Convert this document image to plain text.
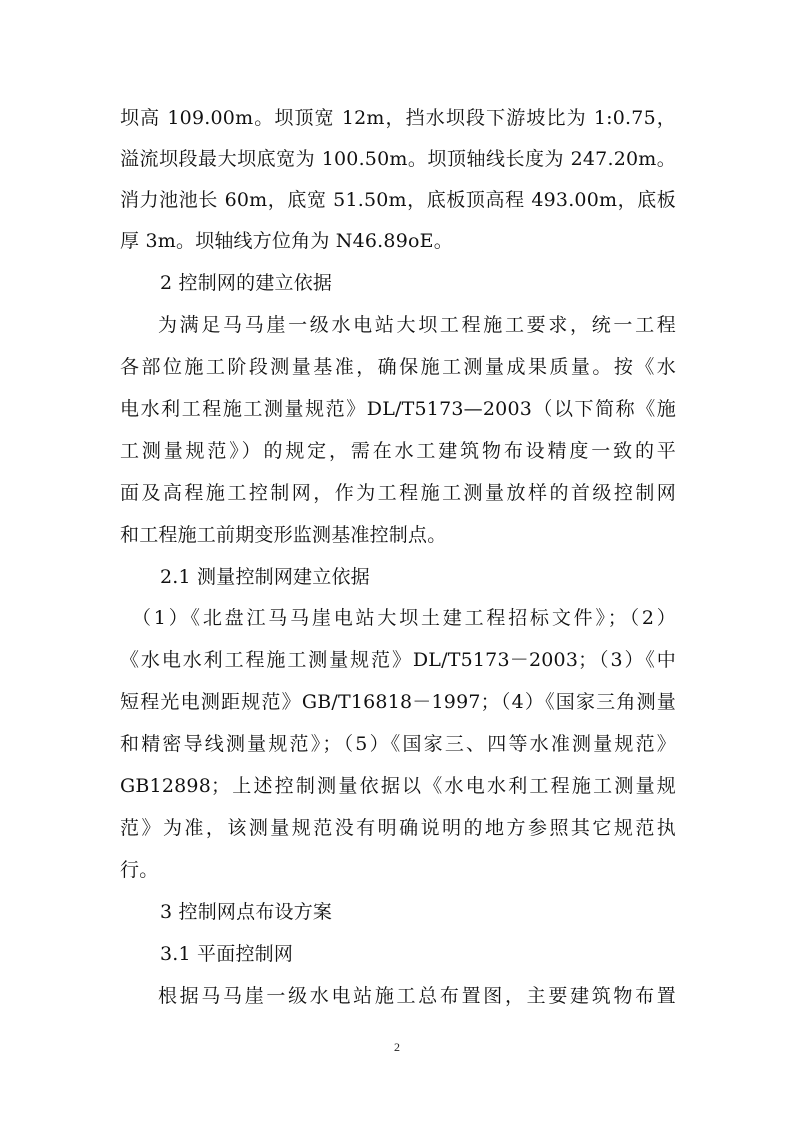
坝高 109.00m。坝顶宽 12m，挡水坝段下游坡比为 1:0.75，
溢流坝段最大坝底宽为 100.50m。坝顶轴线长度为 247.20m。
消力池池长 60m，底宽 51.50m，底板顶高程 493.00m，底板
厚 3m。坝轴线方位角为 N46.89oE。
2 控制网的建立依据
为满足马马崖一级水电站大坝工程施工要求，统一工程
各部位施工阶段测量基准，确保施工测量成果质量。按《水
电水利工程施工测量规范》DL/T5173—2003（以下简称《施
工测量规范》）的规定，需在水工建筑物布设精度一致的平
面及高程施工控制网，作为工程施工测量放样的首级控制网
和工程施工前期变形监测基准控制点。
2.1 测量控制网建立依据
（1）《北盘江马马崖电站大坝土建工程招标文件》；（2）
《水电水利工程施工测量规范》DL/T5173－2003；（3）《中
短程光电测距规范》GB/T16818－1997；（4）《国家三角测量
和精密导线测量规范》；（5）《国家三、四等水准测量规范》
GB12898；上述控制测量依据以《水电水利工程施工测量规
范》为准，该测量规范没有明确说明的地方参照其它规范执
行。
3 控制网点布设方案
3.1 平面控制网
根据马马崖一级水电站施工总布置图，主要建筑物布置
2
